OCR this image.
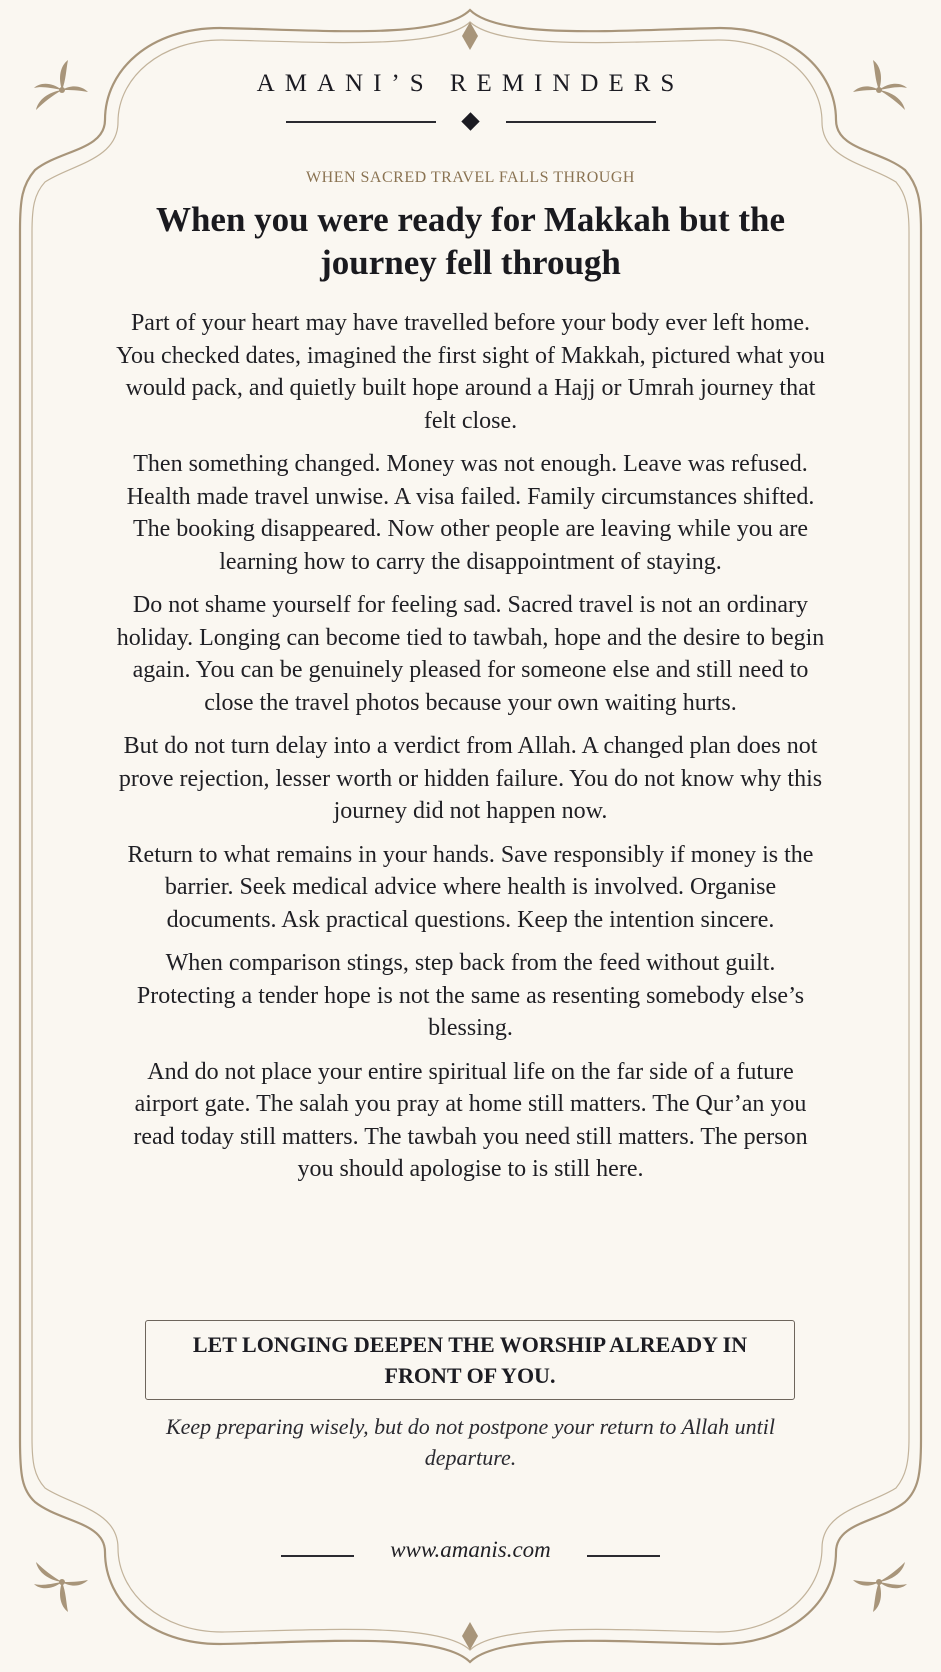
AMANI’S REMINDERS
WHEN SACRED TRAVEL FALLS THROUGH
When you were ready for Makkah but the journey fell through

Part of your heart may have travelled before your body ever left home. You checked dates, imagined the first sight of Makkah, pictured what you would pack, and quietly built hope around a Hajj or Umrah journey that felt close.

Then something changed. Money was not enough. Leave was refused. Health made travel unwise. A visa failed. Family circumstances shifted. The booking disappeared. Now other people are leaving while you are learning how to carry the disappointment of staying.

Do not shame yourself for feeling sad. Sacred travel is not an ordinary holiday. Longing can become tied to tawbah, hope and the desire to begin again. You can be genuinely pleased for someone else and still need to close the travel photos because your own waiting hurts.

But do not turn delay into a verdict from Allah. A changed plan does not prove rejection, lesser worth or hidden failure. You do not know why this journey did not happen now.

Return to what remains in your hands. Save responsibly if money is the barrier. Seek medical advice where health is involved. Organise documents. Ask practical questions. Keep the intention sincere.

When comparison stings, step back from the feed without guilt. Protecting a tender hope is not the same as resenting somebody else’s blessing.

And do not place your entire spiritual life on the far side of a future airport gate. The salah you pray at home still matters. The Qur’an you read today still matters. The tawbah you need still matters. The person you should apologise to is still here.

LET LONGING DEEPEN THE WORSHIP ALREADY IN FRONT OF YOU.
Keep preparing wisely, but do not postpone your return to Allah until departure.
www.amanis.com
